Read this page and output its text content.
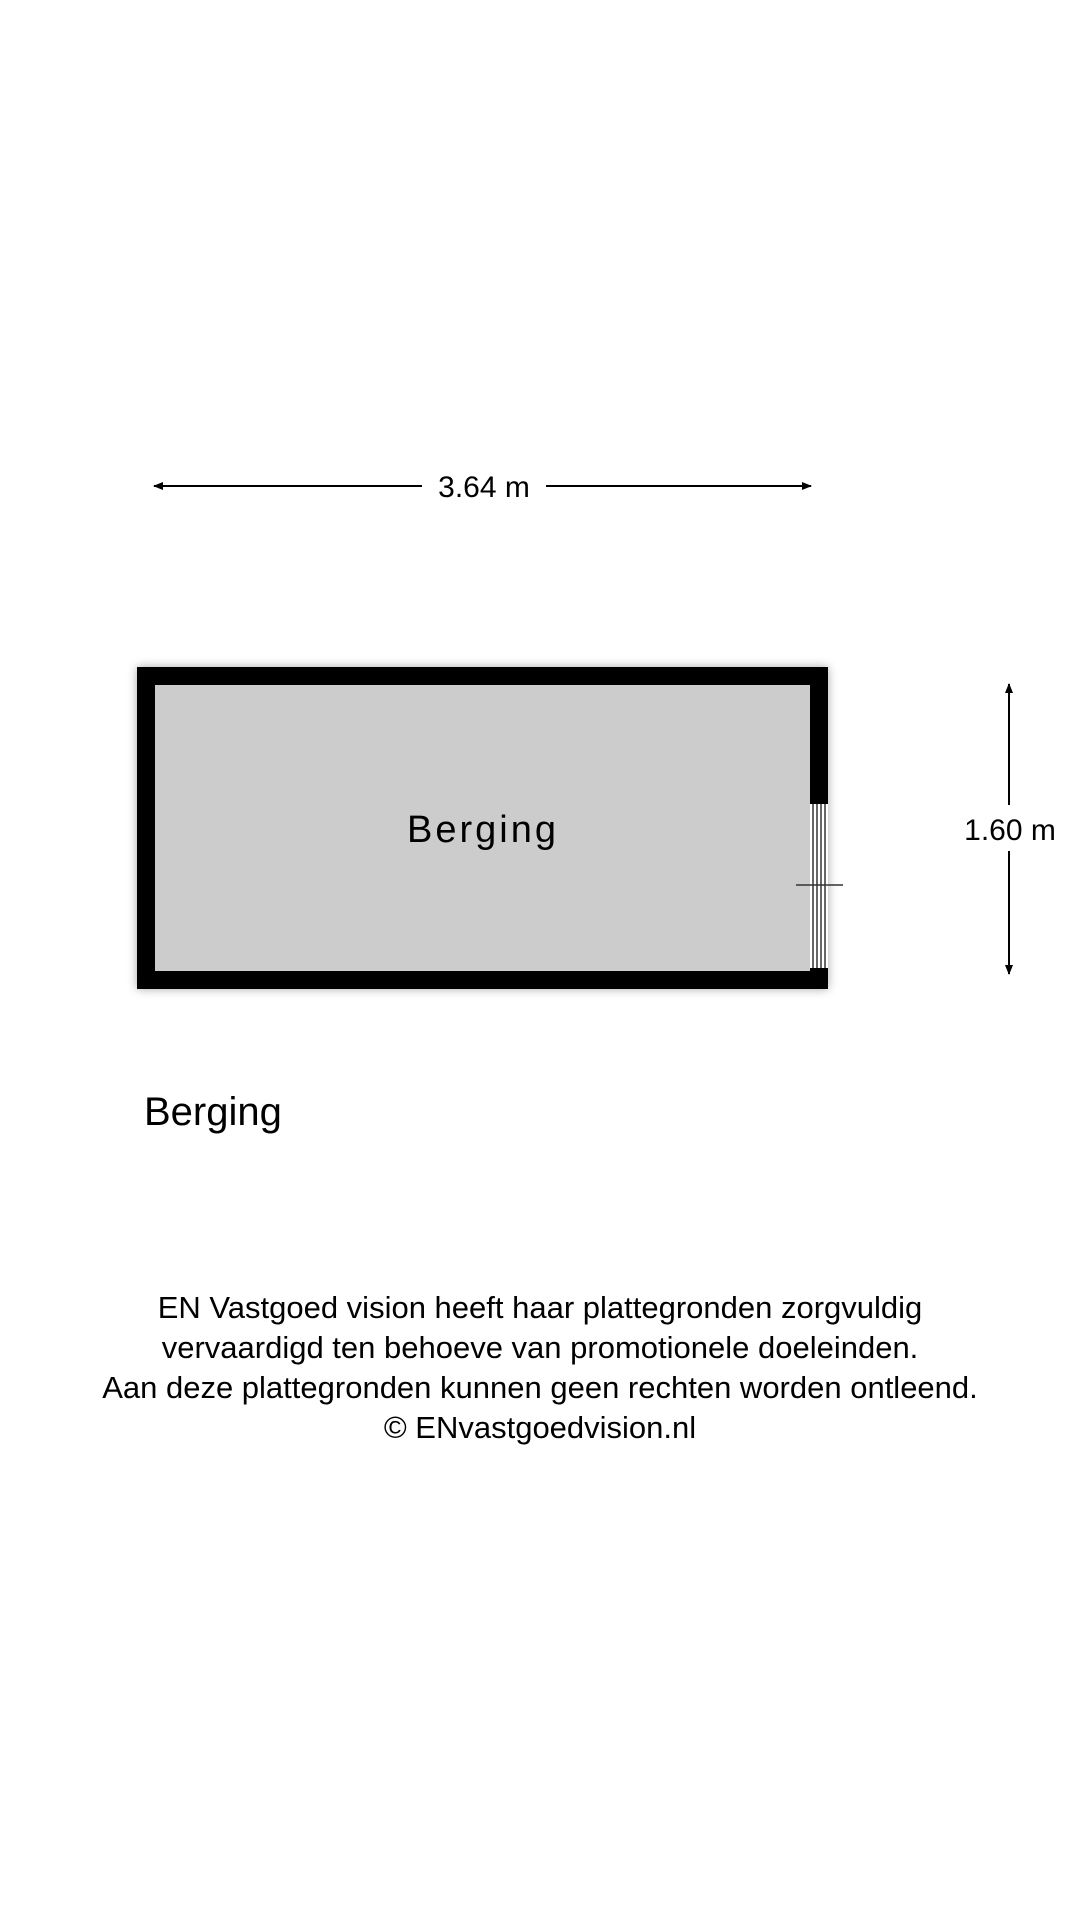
3.64 m
1.60 m
Berging
Berging
EN Vastgoed vision heeft haar plattegronden zorgvuldig
vervaardigd ten behoeve van promotionele doeleinden.
Aan deze plattegronden kunnen geen rechten worden ontleend.
© ENvastgoedvision.nl
